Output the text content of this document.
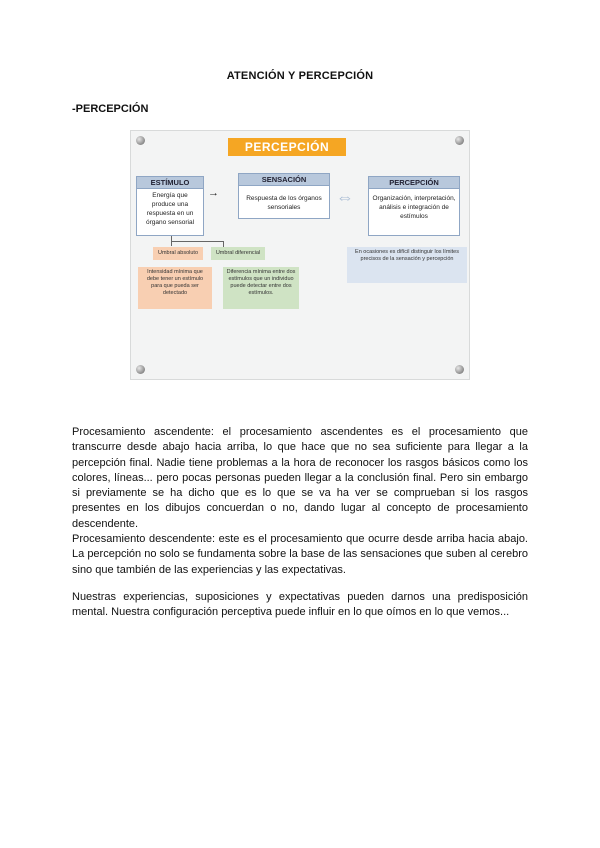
ATENCIÓN Y PERCEPCIÓN
-PERCEPCIÓN
PERCEPCIÓN
ESTÍMULO
Energía que produce una respuesta en un órgano sensorial
→
SENSACIÓN
Respuesta de los órganos sensoriales
⇔
PERCEPCIÓN
Organización, interpretación, análisis e integración de estímulos
Umbral absoluto	Umbral diferencial
Intensidad mínima que debe tener un estímulo para que pueda ser detectado
Diferencia mínima entre dos estímulos que un individuo puede detectar entre dos estímulos.
En ocasiones es difícil distinguir los límites precisos de la sensación y percepción

Procesamiento ascendente: el procesamiento ascendentes es el procesamiento que transcurre desde abajo hacia arriba, lo que hace que no sea suficiente para llegar a la percepción final. Nadie tiene problemas a la hora de reconocer los rasgos básicos como los colores, líneas... pero pocas personas pueden llegar a la conclusión final. Pero sin embargo si previamente se ha dicho que es lo que se va ha ver se comprueban si los rasgos presentes en los dibujos concuerdan o no, dando lugar al concepto de procesamiento descendente.

Procesamiento descendente: este es el procesamiento que ocurre desde arriba hacia abajo. La percepción no solo se fundamenta sobre la base de las sensaciones que suben al cerebro sino que también de las experiencias y las expectativas.

Nuestras experiencias, suposiciones y expectativas pueden darnos una predisposición mental. Nuestra configuración perceptiva puede influir en lo que oímos en lo que vemos...
